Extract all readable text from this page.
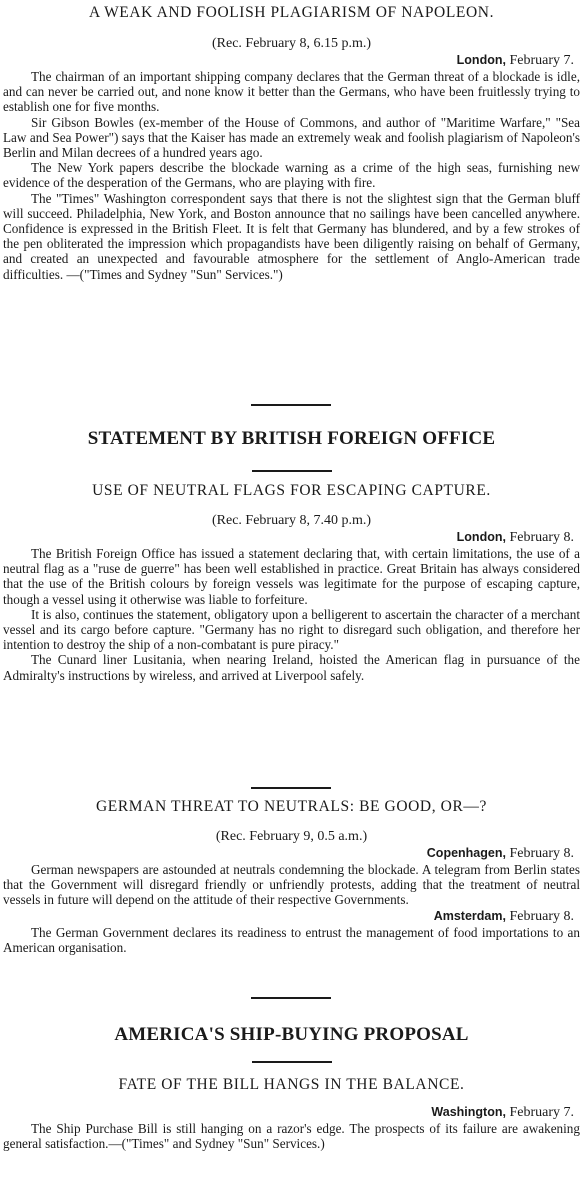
A WEAK AND FOOLISH PLAGIARISM OF NAPOLEON.

(Rec. February 8, 6.15 p.m.)

London, February 7.

The chairman of an important shipping company declares that the German threat of a blockade is idle, and can never be carried out, and none know it better than the Germans, who have been fruitlessly trying to establish one for five months.

Sir Gibson Bowles (ex-member of the House of Commons, and author of "Maritime Warfare," "Sea Law and Sea Power") says that the Kaiser has made an extremely weak and foolish plagiarism of Napoleon's Berlin and Milan decrees of a hundred years ago.

The New York papers describe the blockade warning as a crime of the high seas, furnishing new evidence of the desperation of the Germans, who are playing with fire.

The "Times" Washington correspondent says that there is not the slightest sign that the German bluff will succeed. Philadelphia, New York, and Boston announce that no sailings have been cancelled anywhere. Confidence is expressed in the British Fleet. It is felt that Germany has blundered, and by a few strokes of the pen obliterated the impression which propagandists have been diligently raising on behalf of Germany, and created an unexpected and favourable atmosphere for the settlement of Anglo-American trade difficulties. —("Times and Sydney "Sun" Services.")

STATEMENT BY BRITISH FOREIGN OFFICE
USE OF NEUTRAL FLAGS FOR ESCAPING CAPTURE.

(Rec. February 8, 7.40 p.m.)

London, February 8.

The British Foreign Office has issued a statement declaring that, with certain limitations, the use of a neutral flag as a "ruse de guerre" has been well established in practice. Great Britain has always considered that the use of the British colours by foreign vessels was legitimate for the purpose of escaping capture, though a vessel using it otherwise was liable to forfeiture.

It is also, continues the statement, obligatory upon a belligerent to ascertain the character of a merchant vessel and its cargo before capture. "Germany has no right to disregard such obligation, and therefore her intention to destroy the ship of a non-combatant is pure piracy."

The Cunard liner Lusitania, when nearing Ireland, hoisted the American flag in pursuance of the Admiralty's instructions by wireless, and arrived at Liverpool safely.

GERMAN THREAT TO NEUTRALS: BE GOOD, OR—?

(Rec. February 9, 0.5 a.m.)

Copenhagen, February 8.

German newspapers are astounded at neutrals condemning the blockade. A telegram from Berlin states that the Government will disregard friendly or unfriendly protests, adding that the treatment of neutral vessels in future will depend on the attitude of their respective Governments.

Amsterdam, February 8.

The German Government declares its readiness to entrust the management of food importations to an American organisation.

AMERICA'S SHIP-BUYING PROPOSAL
FATE OF THE BILL HANGS IN THE BALANCE.

Washington, February 7.

The Ship Purchase Bill is still hanging on a razor's edge. The prospects of its failure are awakening general satisfaction.—("Times" and Sydney "Sun" Services.)
